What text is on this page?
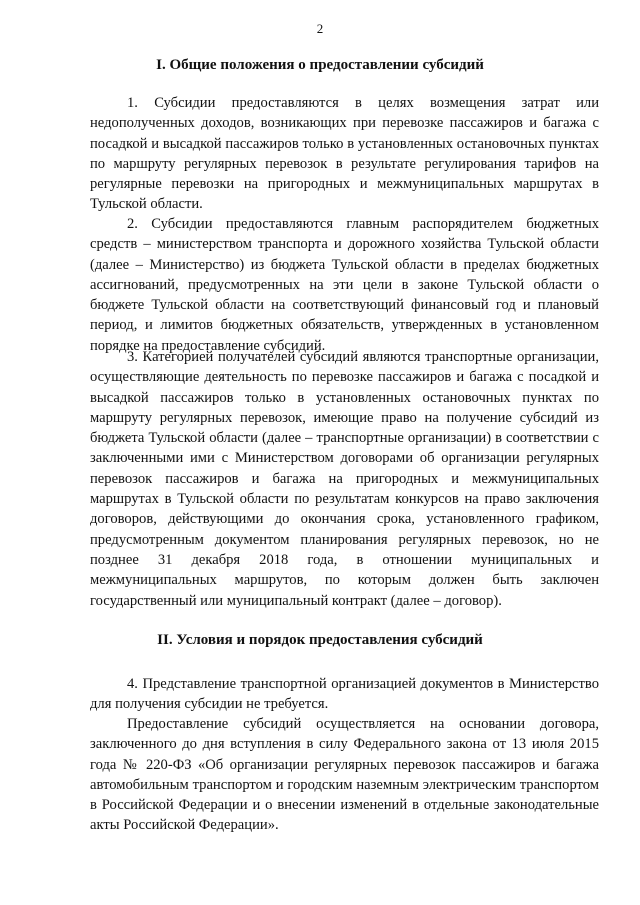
2
I. Общие положения о предоставлении субсидий

1. Субсидии предоставляются в целях возмещения затрат или недополученных доходов, возникающих при перевозке пассажиров и багажа с посадкой и высадкой пассажиров только в установленных остановочных пунктах по маршруту регулярных перевозок в результате регулирования тарифов на регулярные перевозки на пригородных и межмуниципальных маршрутах в Тульской области.

2. Субсидии предоставляются главным распорядителем бюджетных средств – министерством транспорта и дорожного хозяйства Тульской области (далее – Министерство) из бюджета Тульской области в пределах бюджетных ассигнований, предусмотренных на эти цели в законе Тульской области о бюджете Тульской области на соответствующий финансовый год и плановый период, и лимитов бюджетных обязательств, утвержденных в установленном порядке на предоставление субсидий.

3. Категорией получателей субсидий являются транспортные организации, осуществляющие деятельность по перевозке пассажиров и багажа с посадкой и высадкой пассажиров только в установленных остановочных пунктах по маршруту регулярных перевозок, имеющие право на получение субсидий из бюджета Тульской области (далее – транспортные организации) в соответствии с заключенными ими с Министерством договорами об организации регулярных перевозок пассажиров и багажа на пригородных и межмуниципальных маршрутах в Тульской области по результатам конкурсов на право заключения договоров, действующими до окончания срока, установленного графиком, предусмотренным документом планирования регулярных перевозок, но не позднее 31 декабря 2018 года, в отношении муниципальных и межмуниципальных маршрутов, по которым должен быть заключен государственный или муниципальный контракт (далее – договор).

II. Условия и порядок предоставления субсидий

4. Представление транспортной организацией документов в Министерство для получения субсидии не требуется.

Предоставление субсидий осуществляется на основании договора, заключенного до дня вступления в силу Федерального закона от 13 июля 2015 года № 220-ФЗ «Об организации регулярных перевозок пассажиров и багажа автомобильным транспортом и городским наземным электрическим транспортом в Российской Федерации и о внесении изменений в отдельные законодательные акты Российской Федерации».
